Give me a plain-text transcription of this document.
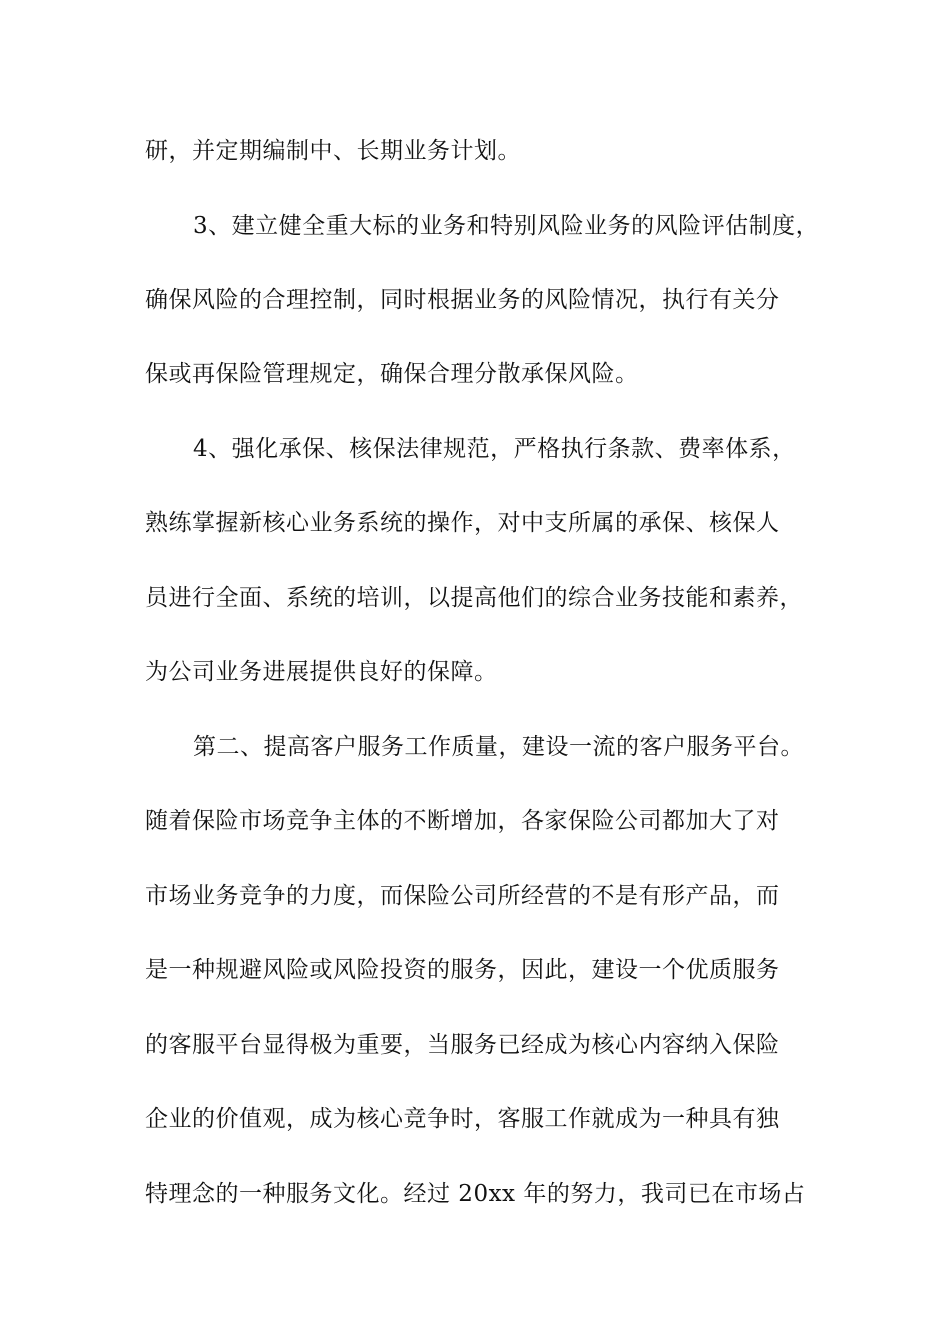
研，并定期编制中、长期业务计划。
3、建立健全重大标的业务和特别风险业务的风险评估制度，
确保风险的合理控制，同时根据业务的风险情况，执行有关分
保或再保险管理规定，确保合理分散承保风险。
4、强化承保、核保法律规范，严格执行条款、费率体系，
熟练掌握新核心业务系统的操作，对中支所属的承保、核保人
员进行全面、系统的培训，以提高他们的综合业务技能和素养，
为公司业务进展提供良好的保障。
第二、提高客户服务工作质量，建设一流的客户服务平台。
随着保险市场竞争主体的不断增加，各家保险公司都加大了对
市场业务竞争的力度，而保险公司所经营的不是有形产品，而
是一种规避风险或风险投资的服务，因此，建设一个优质服务
的客服平台显得极为重要，当服务已经成为核心内容纳入保险
企业的价值观，成为核心竞争时，客服工作就成为一种具有独
特理念的一种服务文化。经过 20xx 年的努力，我司已在市场占
